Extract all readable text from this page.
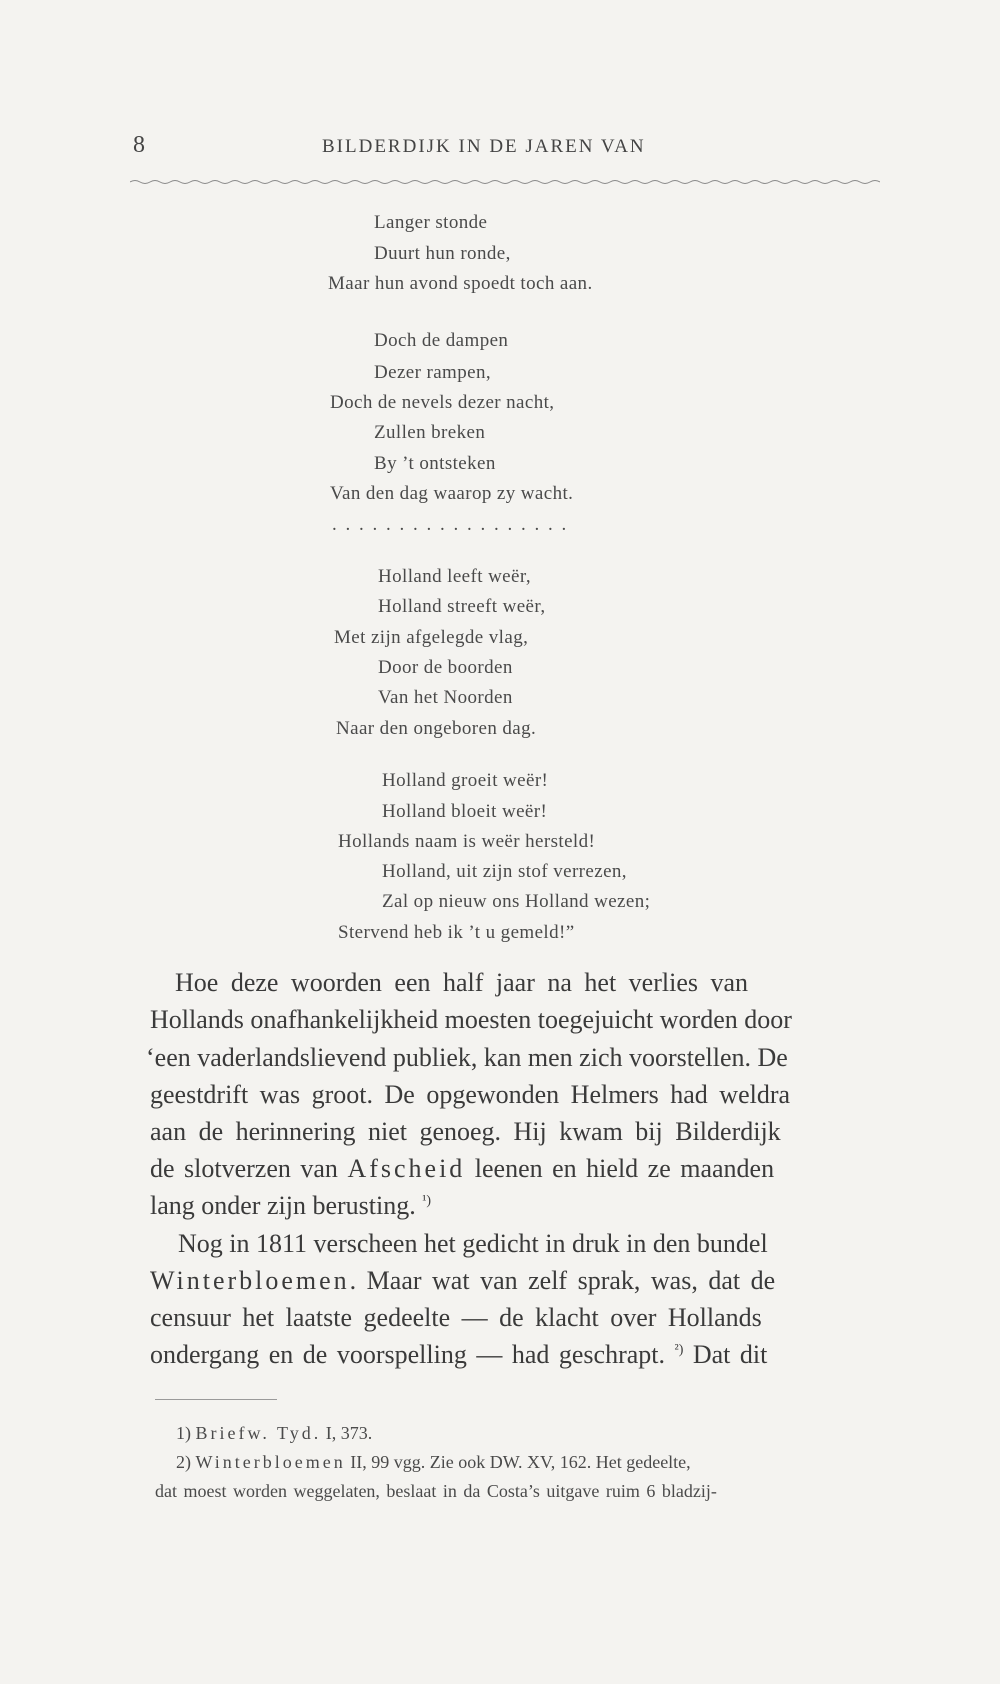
8	BILDERDIJK IN DE JAREN VAN
Langer stonde
Duurt hun ronde,
Maar hun avond spoedt toch aan.
Doch de dampen
Dezer rampen,
Doch de nevels dezer nacht,
Zullen breken
By ’t ontsteken
Van den dag waarop zy wacht.
. . . . . . . . . . . . . . . . . .
Holland leeft weër,
Holland streeft weër,
Met zijn afgelegde vlag,
Door de boorden
Van het Noorden
Naar den ongeboren dag.
Holland groeit weër!
Holland bloeit weër!
Hollands naam is weër hersteld!
Holland, uit zijn stof verrezen,
Zal op nieuw ons Holland wezen;
Stervend heb ik ’t u gemeld!”
Hoe deze woorden een half jaar na het verlies van
Hollands onafhankelijkheid moesten toegejuicht worden door
‘een vaderlandslievend publiek, kan men zich voorstellen. De
geestdrift was groot. De opgewonden Helmers had weldra
aan de herinnering niet genoeg. Hij kwam bij Bilderdijk
de slotverzen van Afscheid leenen en hield ze maanden
lang onder zijn berusting. $^{^1)}$
Nog in 1811 verscheen het gedicht in druk in den bundel
Winterbloemen. Maar wat van zelf sprak, was, dat de
censuur het laatste gedeelte — de klacht over Hollands
ondergang en de voorspelling — had geschrapt. $^{^2)}$ Dat dit
1) Briefw. Tyd. I, 373.
2) Winterbloemen II, 99 vgg. Zie ook DW. XV, 162. Het gedeelte,
dat moest worden weggelaten, beslaat in da Costa’s uitgave ruim 6 bladzij-
